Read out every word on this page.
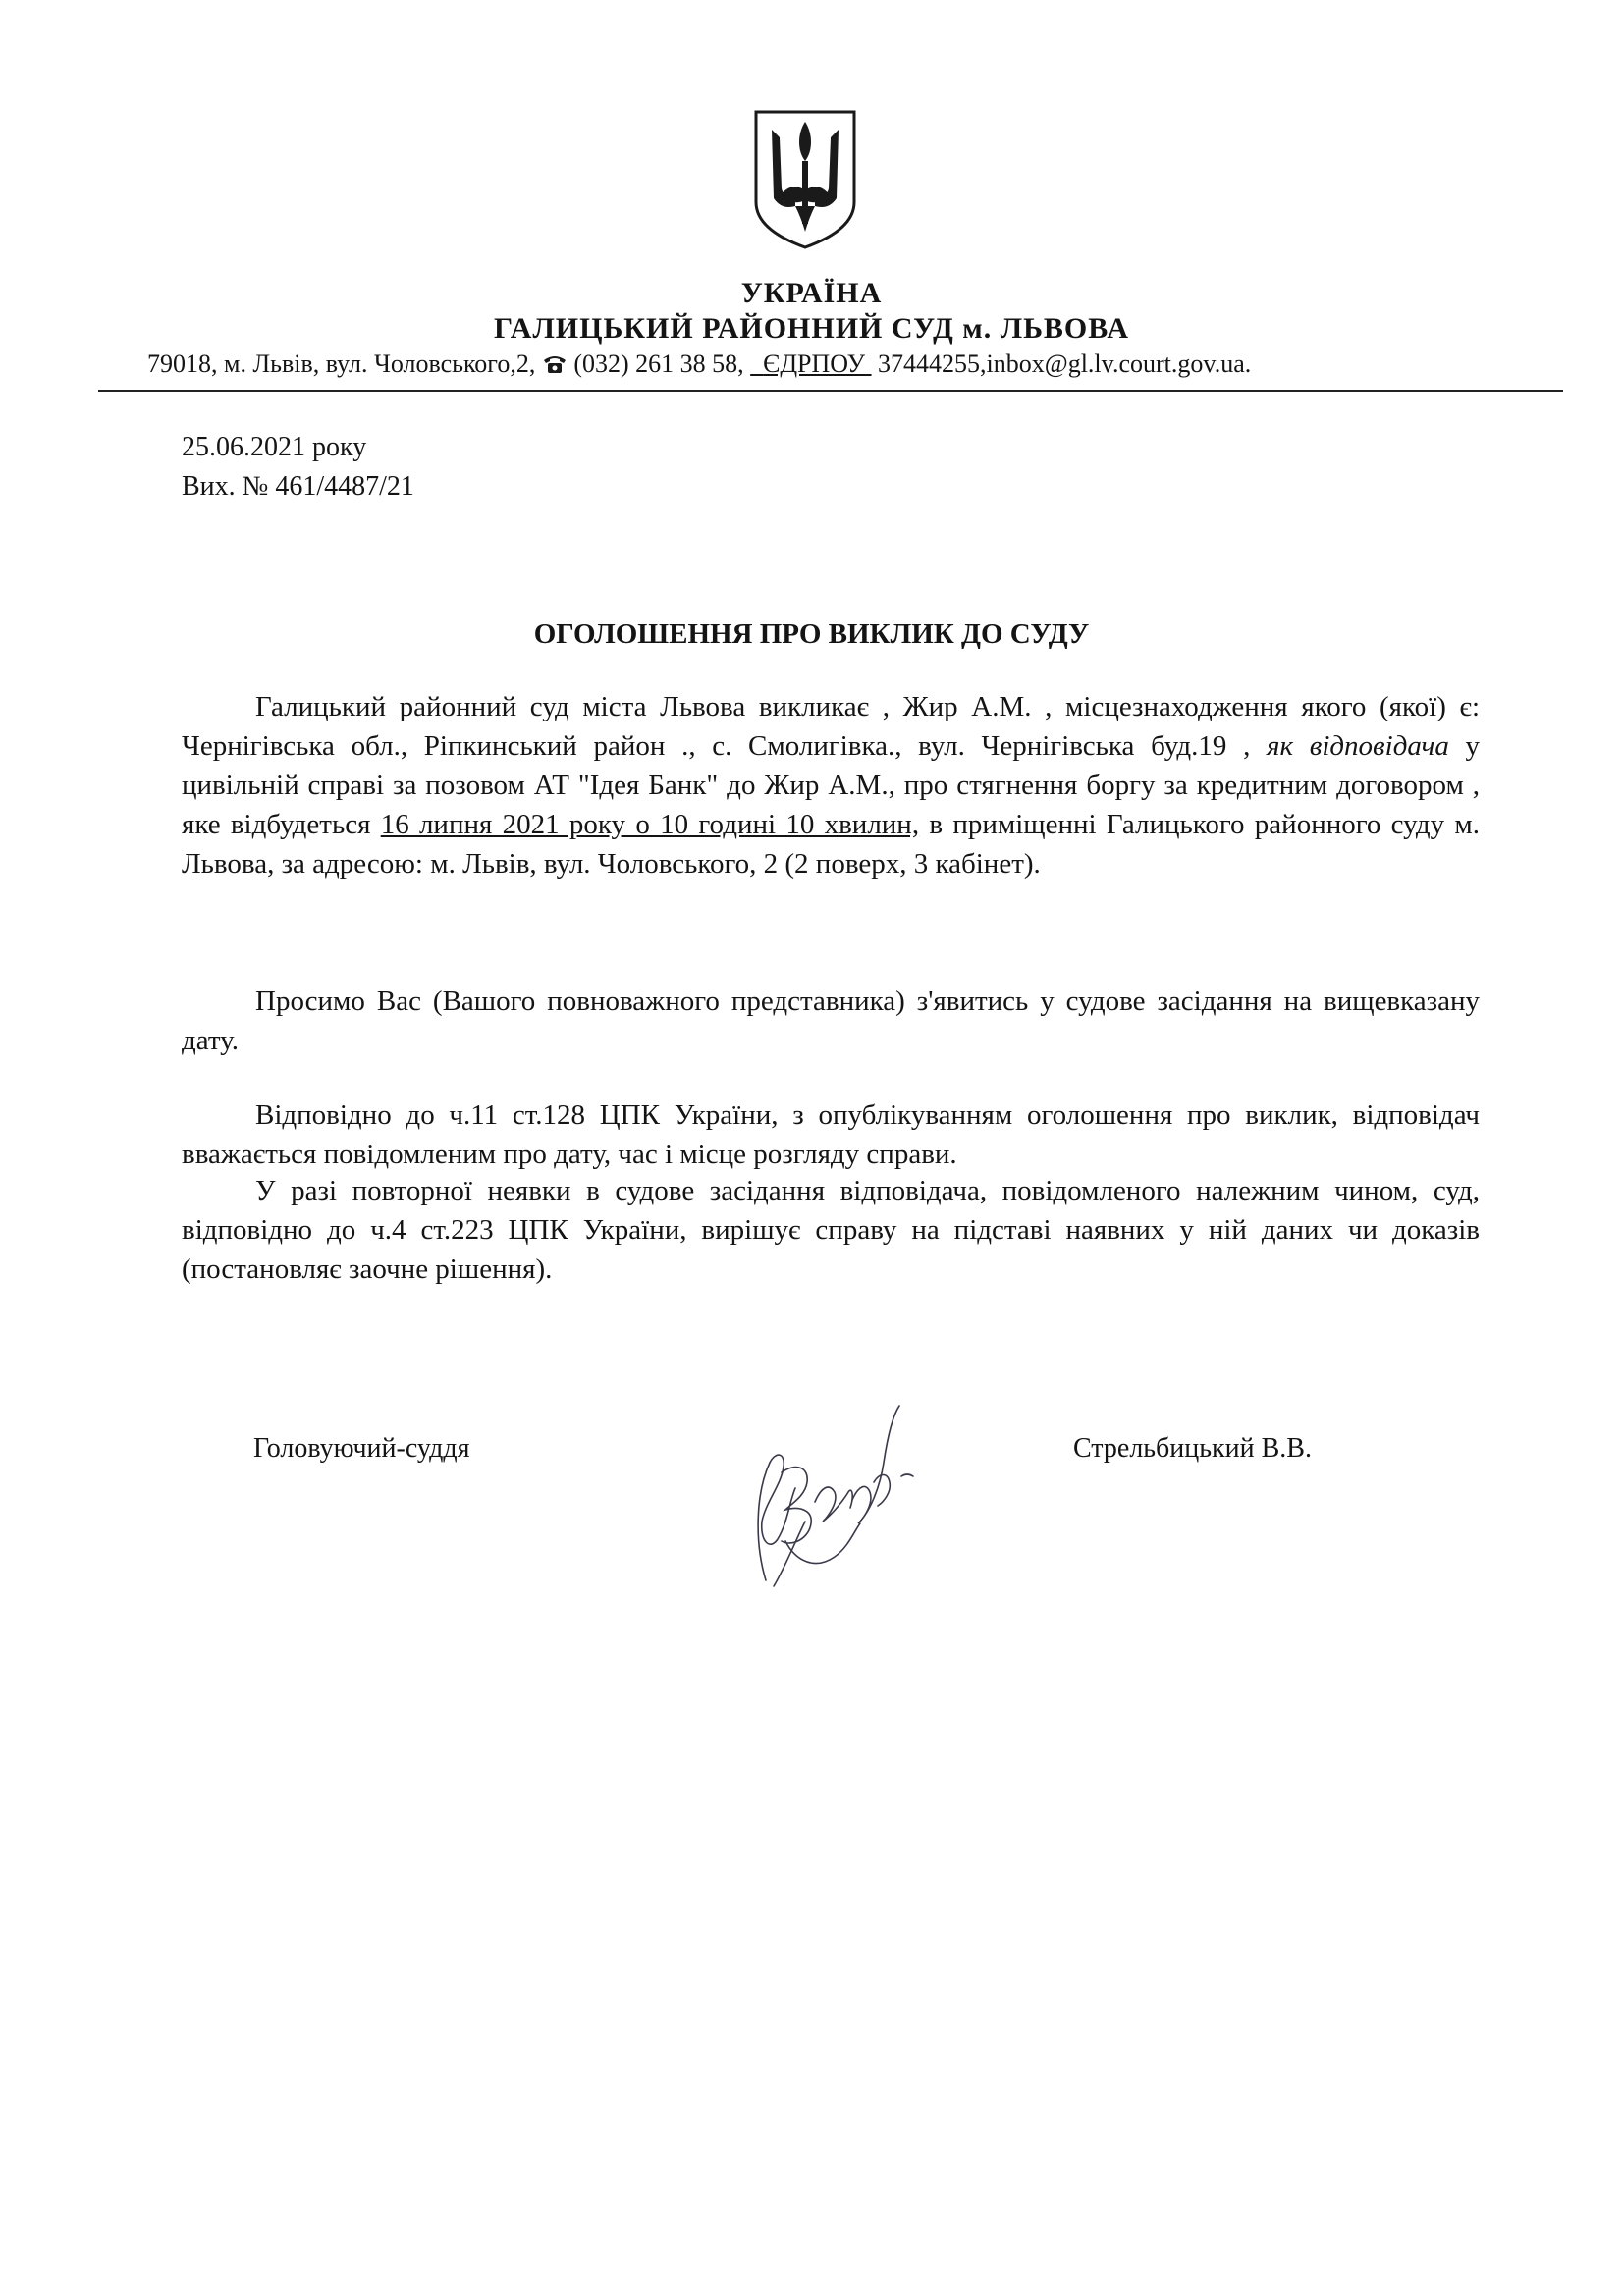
УКРАЇНА
ГАЛИЦЬКИЙ РАЙОННИЙ СУД м. ЛЬВОВА
79018, м. Львів, вул. Чоловського,2, (032) 261 38 58, ЄДРПОУ 37444255,inbox@gl.lv.court.gov.ua.
25.06.2021 року
Вих. № 461/4487/21
ОГОЛОШЕННЯ ПРО ВИКЛИК ДО СУДУ
Галицький районний суд міста Львова викликає , Жир А.М. , місцезнаходження якого (якої) є: Чернігівська обл., Ріпкинський район ., с. Смолигівка., вул. Чернігівська буд.19 , як відповідача у цивільній справі за позовом АТ "Ідея Банк" до Жир А.М., про стягнення боргу за кредитним договором , яке відбудеться 16 липня 2021 року о 10 годині 10 хвилин, в приміщенні Галицького районного суду м. Львова, за адресою: м. Львів, вул. Чоловського, 2 (2 поверх, 3 кабінет).
Просимо Вас (Вашого повноважного представника) з'явитись у судове засідання на вищевказану дату.
Відповідно до ч.11 ст.128 ЦПК України, з опублікуванням оголошення про виклик, відповідач вважається повідомленим про дату, час і місце розгляду справи.
У разі повторної неявки в судове засідання відповідача, повідомленого належним чином, суд, відповідно до ч.4 ст.223 ЦПК України, вирішує справу на підставі наявних у ній даних чи доказів (постановляє заочне рішення).
Головуючий-суддя	Стрельбицький В.В.
